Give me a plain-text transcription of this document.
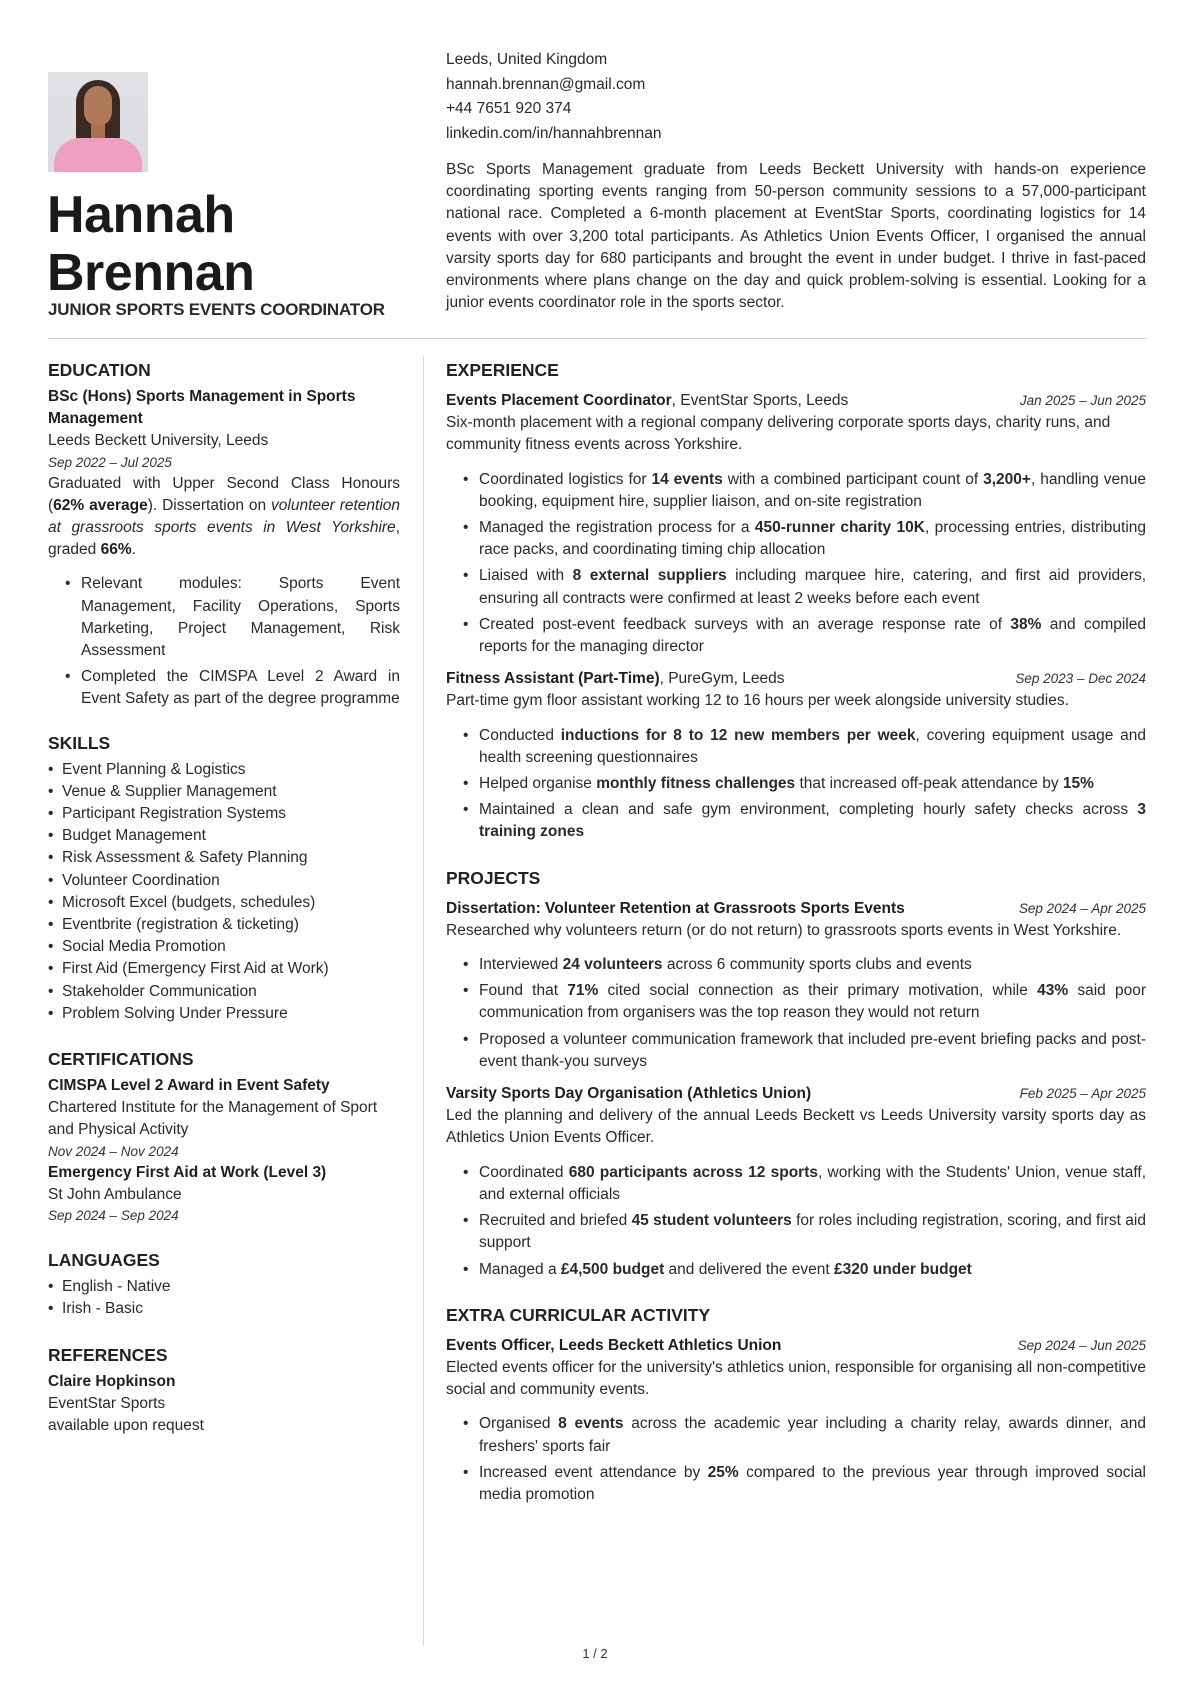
Hannah
Brennan
JUNIOR SPORTS EVENTS COORDINATOR
Leeds, United Kingdom
hannah.brennan@gmail.com
+44 7651 920 374
linkedin.com/in/hannahbrennan
BSc Sports Management graduate from Leeds Beckett University with hands-on experience coordinating sporting events ranging from 50-person community sessions to a 57,000-participant national race. Completed a 6-month placement at EventStar Sports, coordinating logistics for 14 events with over 3,200 total participants. As Athletics Union Events Officer, I organised the annual varsity sports day for 680 participants and brought the event in under budget. I thrive in fast-paced environments where plans change on the day and quick problem-solving is essential. Looking for a junior events coordinator role in the sports sector.
EDUCATION
BSc (Hons) Sports Management in Sports Management
Leeds Beckett University, Leeds
Sep 2022 – Jul 2025
Graduated with Upper Second Class Honours (62% average). Dissertation on volunteer retention at grassroots sports events in West Yorkshire, graded 66%.
• Relevant modules: Sports Event Management, Facility Operations, Sports Marketing, Project Management, Risk Assessment
• Completed the CIMSPA Level 2 Award in Event Safety as part of the degree programme
SKILLS
• Event Planning & Logistics
• Venue & Supplier Management
• Participant Registration Systems
• Budget Management
• Risk Assessment & Safety Planning
• Volunteer Coordination
• Microsoft Excel (budgets, schedules)
• Eventbrite (registration & ticketing)
• Social Media Promotion
• First Aid (Emergency First Aid at Work)
• Stakeholder Communication
• Problem Solving Under Pressure
CERTIFICATIONS
CIMSPA Level 2 Award in Event Safety
Chartered Institute for the Management of Sport and Physical Activity
Nov 2024 – Nov 2024
Emergency First Aid at Work (Level 3)
St John Ambulance
Sep 2024 – Sep 2024
LANGUAGES
• English - Native
• Irish - Basic
REFERENCES
Claire Hopkinson
EventStar Sports
available upon request
EXPERIENCE
Events Placement Coordinator, EventStar Sports, Leeds	Jan 2025 – Jun 2025
Six-month placement with a regional company delivering corporate sports days, charity runs, and community fitness events across Yorkshire.
• Coordinated logistics for 14 events with a combined participant count of 3,200+, handling venue booking, equipment hire, supplier liaison, and on-site registration
• Managed the registration process for a 450-runner charity 10K, processing entries, distributing race packs, and coordinating timing chip allocation
• Liaised with 8 external suppliers including marquee hire, catering, and first aid providers, ensuring all contracts were confirmed at least 2 weeks before each event
• Created post-event feedback surveys with an average response rate of 38% and compiled reports for the managing director
Fitness Assistant (Part-Time), PureGym, Leeds	Sep 2023 – Dec 2024
Part-time gym floor assistant working 12 to 16 hours per week alongside university studies.
• Conducted inductions for 8 to 12 new members per week, covering equipment usage and health screening questionnaires
• Helped organise monthly fitness challenges that increased off-peak attendance by 15%
• Maintained a clean and safe gym environment, completing hourly safety checks across 3 training zones
PROJECTS
Dissertation: Volunteer Retention at Grassroots Sports Events	Sep 2024 – Apr 2025
Researched why volunteers return (or do not return) to grassroots sports events in West Yorkshire.
• Interviewed 24 volunteers across 6 community sports clubs and events
• Found that 71% cited social connection as their primary motivation, while 43% said poor communication from organisers was the top reason they would not return
• Proposed a volunteer communication framework that included pre-event briefing packs and post-event thank-you surveys
Varsity Sports Day Organisation (Athletics Union)	Feb 2025 – Apr 2025
Led the planning and delivery of the annual Leeds Beckett vs Leeds University varsity sports day as Athletics Union Events Officer.
• Coordinated 680 participants across 12 sports, working with the Students' Union, venue staff, and external officials
• Recruited and briefed 45 student volunteers for roles including registration, scoring, and first aid support
• Managed a £4,500 budget and delivered the event £320 under budget
EXTRA CURRICULAR ACTIVITY
Events Officer, Leeds Beckett Athletics Union	Sep 2024 – Jun 2025
Elected events officer for the university's athletics union, responsible for organising all non-competitive social and community events.
• Organised 8 events across the academic year including a charity relay, awards dinner, and freshers' sports fair
• Increased event attendance by 25% compared to the previous year through improved social media promotion
1 / 2
